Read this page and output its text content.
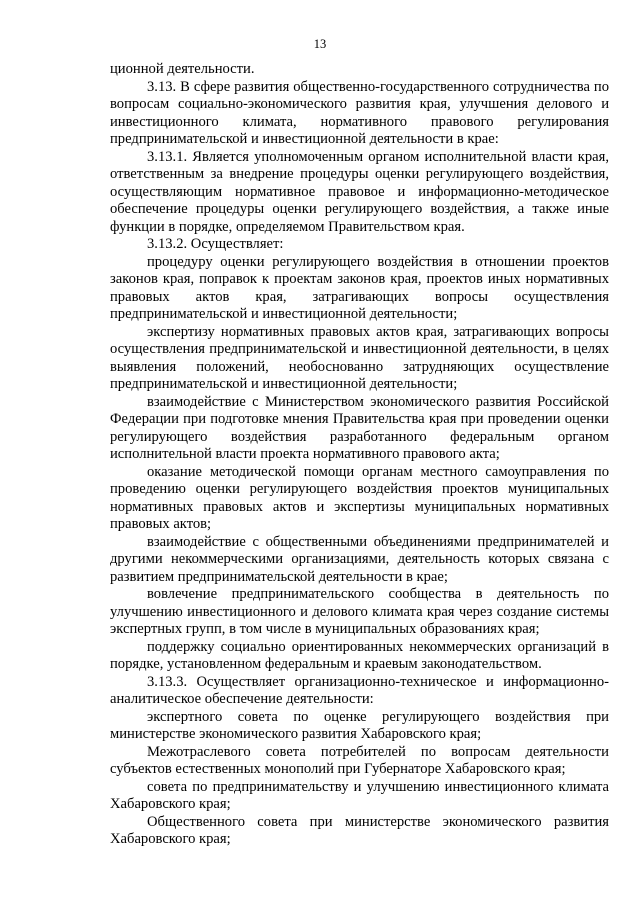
13

ционной деятельности.

3.13. В сфере развития общественно-государственного сотрудничества по вопросам социально-экономического развития края, улучшения делового и инвестиционного климата, нормативного правового регулирования предпринимательской и инвестиционной деятельности в крае:

3.13.1. Является уполномоченным органом исполнительной власти края, ответственным за внедрение процедуры оценки регулирующего воздействия, осуществляющим нормативное правовое и информационно-методическое обеспечение процедуры оценки регулирующего воздействия, а также иные функции в порядке, определяемом Правительством края.

3.13.2. Осуществляет:

процедуру оценки регулирующего воздействия в отношении проектов законов края, поправок к проектам законов края, проектов иных нормативных правовых актов края, затрагивающих вопросы осуществления предпринимательской и инвестиционной деятельности;

экспертизу нормативных правовых актов края, затрагивающих вопросы осуществления предпринимательской и инвестиционной деятельности, в целях выявления положений, необоснованно затрудняющих осуществление предпринимательской и инвестиционной деятельности;

взаимодействие с Министерством экономического развития Российской Федерации при подготовке мнения Правительства края при проведении оценки регулирующего воздействия разработанного федеральным органом исполнительной власти проекта нормативного правового акта;

оказание методической помощи органам местного самоуправления по проведению оценки регулирующего воздействия проектов муниципальных нормативных правовых актов и экспертизы муниципальных нормативных правовых актов;

взаимодействие с общественными объединениями предпринимателей и другими некоммерческими организациями, деятельность которых связана с развитием предпринимательской деятельности в крае;

вовлечение предпринимательского сообщества в деятельность по улучшению инвестиционного и делового климата края через создание системы экспертных групп, в том числе в муниципальных образованиях края;

поддержку социально ориентированных некоммерческих организаций в порядке, установленном федеральным и краевым законодательством.

3.13.3. Осуществляет организационно-техническое и информационно-аналитическое обеспечение деятельности:

экспертного совета по оценке регулирующего воздействия при министерстве экономического развития Хабаровского края;

Межотраслевого совета потребителей по вопросам деятельности субъектов естественных монополий при Губернаторе Хабаровского края;

совета по предпринимательству и улучшению инвестиционного климата Хабаровского края;

Общественного совета при министерстве экономического развития Хабаровского края;
